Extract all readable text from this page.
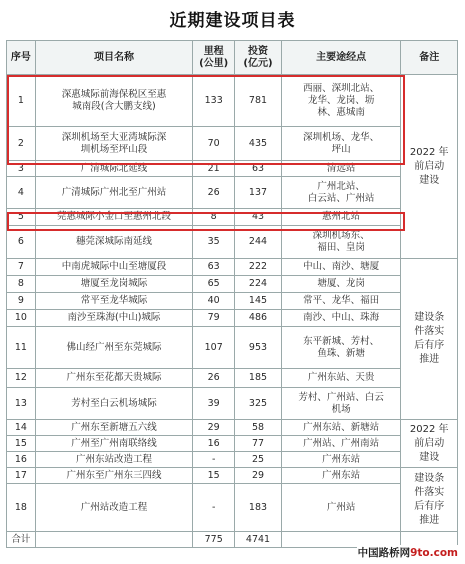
近期建设项目表
序号	项目名称	里程
(公里)	投资
(亿元)	主要途经点	备注
1	深惠城际前海保税区至惠
城南段(含大鹏支线)	133	781	西丽、深圳北站、
龙华、龙岗、坜
林、惠城南	2022 年
前启动
建设
2	深圳机场至大亚湾城际深
圳机场至坪山段	70	435	深圳机场、龙华、
坪山	
3	广清城际北延线	21	63	清远站	
4	广清城际广州北至广州站	26	137	广州北站、
白云站、广州站	
5	莞惠城际小金口至惠州北段	8	43	惠州北站	
6	穗莞深城际南延线	35	244	深圳机场东、
福田、皇岗	
7	中南虎城际中山至塘厦段	63	222	中山、南沙、塘厦	建设条
件落实
后有序
推进
8	塘厦至龙岗城际	65	224	塘厦、龙岗	
9	常平至龙华城际	40	145	常平、龙华、福田	
10	南沙至珠海(中山)城际	79	486	南沙、中山、珠海	
11	佛山经广州至东莞城际	107	953	东平新城、芳村、
鱼珠、新塘	
12	广州东至花都天贵城际	26	185	广州东站、天贵	
13	芳村至白云机场城际	39	325	芳村、广州站、白云
机场	
14	广州东至新塘五六线	29	58	广州东站、新塘站	2022 年
前启动
建设
15	广州至广州南联络线	16	77	广州站、广州南站	
16	广州东站改造工程	-	25	广州东站	
17	广州东至广州东三四线	15	29	广州东站	建设条
件落实
后有序
推进
18	广州站改造工程	-	183	广州站	
合计		775	4741		
中国路桥网9to.com
